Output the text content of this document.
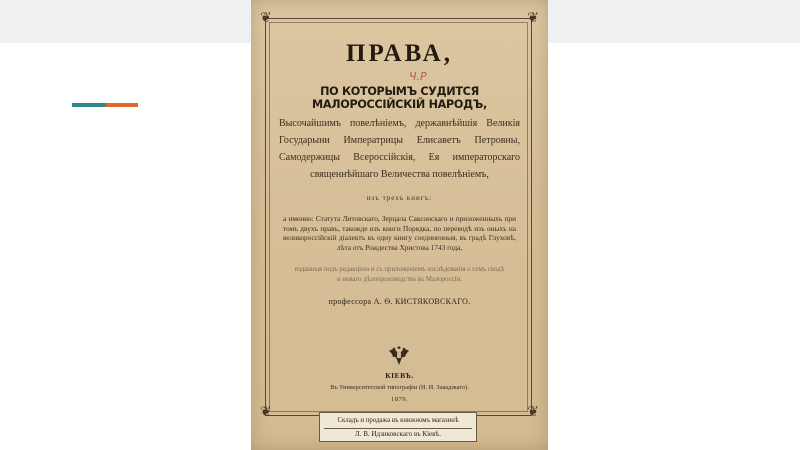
❦	❦
❦	❦
ПРАВА,
Ч.Р
ПО КОТОРЫМЪ СУДИТСЯ МАЛОРОССІЙСКІЙ НАРОДЪ,
Высочайшимъ повелѣніемъ, державнѣйшія Великія Государыни Императрицы Елисаветъ Петровны, Самодержицы Всероссійскія, Ея императорскаго священнѣйшаго Величества повелѣніемъ,
изъ трехъ книгъ:
а именно: Статута Литовскаго, Зерцала Саксонскаго и приложенныхъ при томъ двухъ правъ, такожде изъ книги Порядка, по переводѣ изъ оныхъ на великороссійскій діалектъ въ одну книгу соединенныя, въ градѣ Глуховѣ, лѣта отъ Рождества Христова 1743 года,
изданныя подъ редакціею и съ приложеніемъ изслѣдованія о семъ сводѣ и новаго дѣлопроизводства въ Малороссіи,
профессора А. Ѳ. КИСТЯКОВСКАГО.
КІЕВЪ.
Въ Университетской типографіи (И. И. Завадзкаго).
1879.
Складъ и продажа въ книжномъ магазинѣ
Л. В. Идзиковскаго въ Кіевѣ.
